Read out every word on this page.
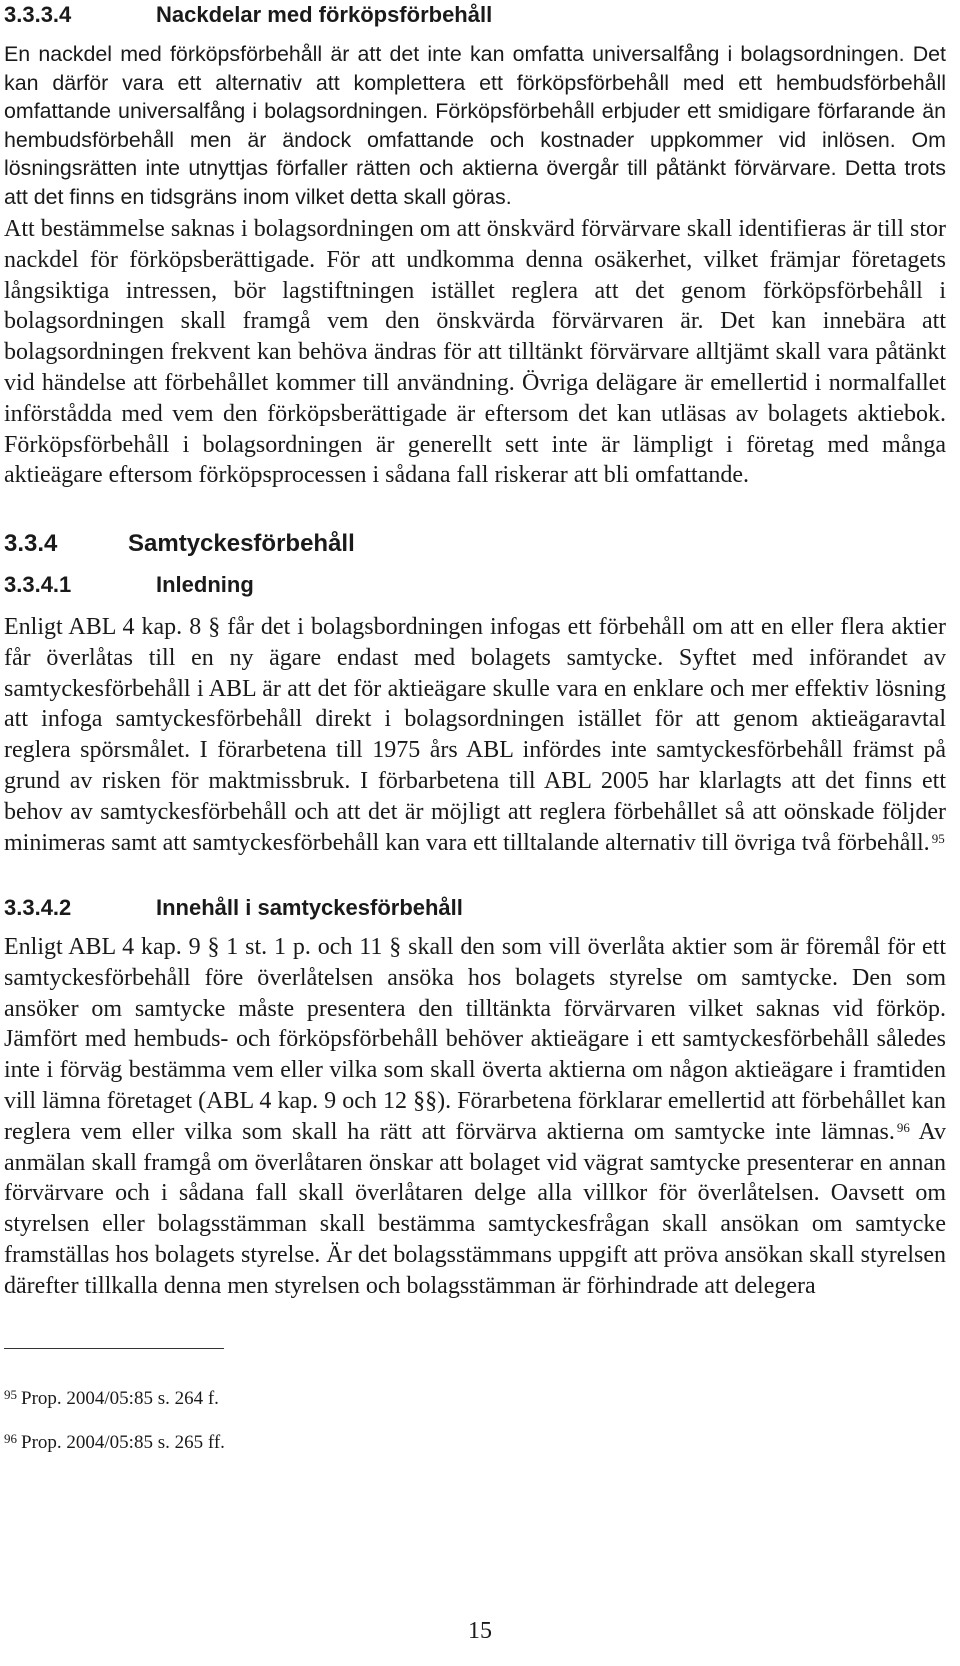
3.3.3.4	Nackdelar med förköpsförbehåll

En nackdel med förköpsförbehåll är att det inte kan omfatta universalfång i bolagsordningen. Det kan därför vara ett alternativ att komplettera ett förköpsförbehåll med ett hembudsförbehåll omfattande universalfång i bolagsordningen. Förköpsförbehåll erbjuder ett smidigare förfarande än hembudsförbehåll men är ändock omfattande och kostnader uppkommer vid inlösen. Om lösningsrätten inte utnyttjas förfaller rätten och aktierna övergår till påtänkt förvärvare. Detta trots att det finns en tidsgräns inom vilket detta skall göras.

Att bestämmelse saknas i bolagsordningen om att önskvärd förvärvare skall identifieras är till stor nackdel för förköpsberättigade. För att undkomma denna osäkerhet, vilket främjar företagets långsiktiga intressen, bör lagstiftningen istället reglera att det genom förköpsförbehåll i bolagsordningen skall framgå vem den önskvärda förvärvaren är. Det kan innebära att bolagsordningen frekvent kan behöva ändras för att tilltänkt förvärvare alltjämt skall vara påtänkt vid händelse att förbehållet kommer till användning. Övriga delägare är emellertid i normalfallet införstådda med vem den förköpsberättigade är eftersom det kan utläsas av bolagets aktiebok. Förköpsförbehåll i bolagsordningen är generellt sett inte är lämpligt i företag med många aktieägare eftersom förköpsprocessen i sådana fall riskerar att bli omfattande.

3.3.4	Samtyckesförbehåll
3.3.4.1	Inledning

Enligt ABL 4 kap. 8 § får det i bolagsbordningen infogas ett förbehåll om att en eller flera aktier får överlåtas till en ny ägare endast med bolagets samtycke. Syftet med införandet av samtyckesförbehåll i ABL är att det för aktieägare skulle vara en enklare och mer effektiv lösning att infoga samtyckesförbehåll direkt i bolagsordningen istället för att genom aktieägaravtal reglera spörsmålet. I förarbetena till 1975 års ABL infördes inte samtyckesförbehåll främst på grund av risken för maktmissbruk. I förbarbetena till ABL 2005 har klarlagts att det finns ett behov av samtyckesförbehåll och att det är möjligt att reglera förbehållet så att oönskade följder minimeras samt att samtyckesförbehåll kan vara ett tilltalande alternativ till övriga två förbehåll. $^{95}$

3.3.4.2	Innehåll i samtyckesförbehåll

Enligt ABL 4 kap. 9 § 1 st. 1 p. och 11 § skall den som vill överlåta aktier som är föremål för ett samtyckesförbehåll före överlåtelsen ansöka hos bolagets styrelse om samtycke. Den som ansöker om samtycke måste presentera den tilltänkta förvärvaren vilket saknas vid förköp. Jämfört med hembuds- och förköpsförbehåll behöver aktieägare i ett samtyckesförbehåll således inte i förväg bestämma vem eller vilka som skall överta aktierna om någon aktieägare i framtiden vill lämna företaget (ABL 4 kap. 9 och 12 §§). Förarbetena förklarar emellertid att förbehållet kan reglera vem eller vilka som skall ha rätt att förvärva aktierna om samtycke inte lämnas. $^{96}$ Av anmälan skall framgå om överlåtaren önskar att bolaget vid vägrat samtycke presenterar en annan förvärvare och i sådana fall skall överlåtaren delge alla villkor för överlåtelsen. Oavsett om styrelsen eller bolagsstämman skall bestämma samtyckesfrågan skall ansökan om samtycke framställas hos bolagets styrelse. Är det bolagsstämmans uppgift att pröva ansökan skall styrelsen därefter tillkalla denna men styrelsen och bolagsstämman är förhindrade att delegera

$^{95}$ Prop. 2004/05:85 s. 264 f.
$^{96}$ Prop. 2004/05:85 s. 265 ff.
15
